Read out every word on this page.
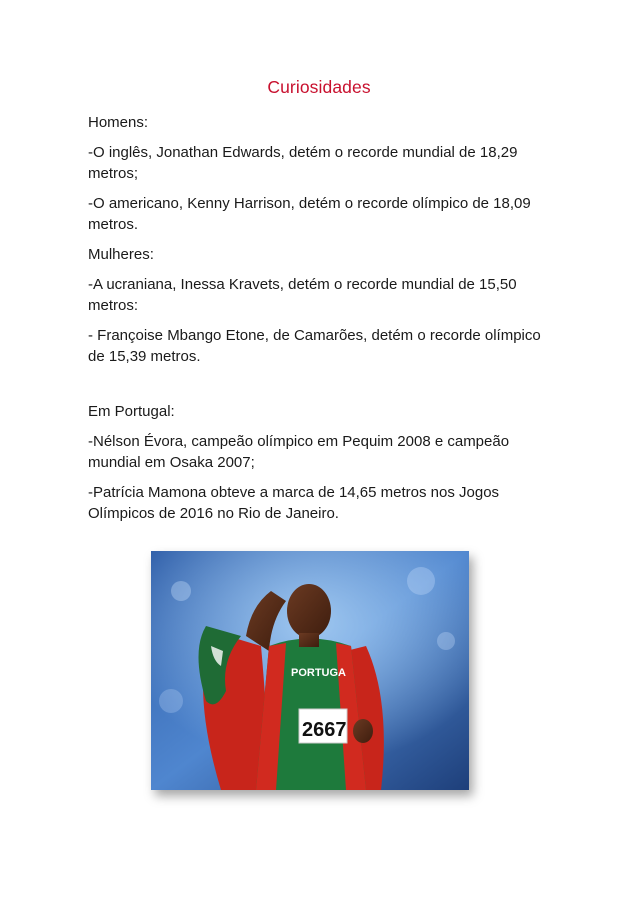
Curiosidades

Homens:

-O inglês, Jonathan Edwards, detém o recorde mundial de 18,29 metros;

-O americano, Kenny Harrison, detém o recorde olímpico de 18,09 metros.

Mulheres:

-A ucraniana, Inessa Kravets, detém o recorde mundial de 15,50 metros:

- Françoise Mbango Etone, de Camarões, detém o recorde olímpico de 15,39 metros.

Em Portugal:

-Nélson Évora, campeão olímpico em Pequim 2008 e campeão mundial em Osaka 2007;

-Patrícia Mamona obteve a marca de 14,65 metros nos Jogos Olímpicos de 2016 no Rio de Janeiro.

PORTUGA
2667
